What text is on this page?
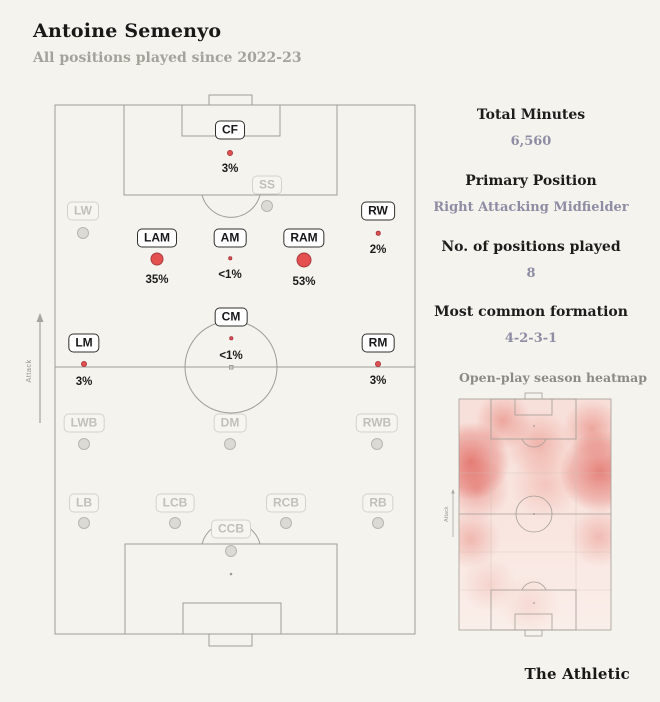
Antoine Semenyo
All positions played since 2022-23
Attack
CF
3%
SS
LW	RW
2%
LAM
35%
AM
<1%
RAM
53%
CM
<1%
LM
3%
RM
3%
LWB	DM	RWB
LB	LCB	RCB	RB
CCB
Total Minutes
6,560
Primary Position
Right Attacking Midfielder
No. of positions played
8
Most common formation
4-2-3-1
Open-play season heatmap
Attack
The Athletic
